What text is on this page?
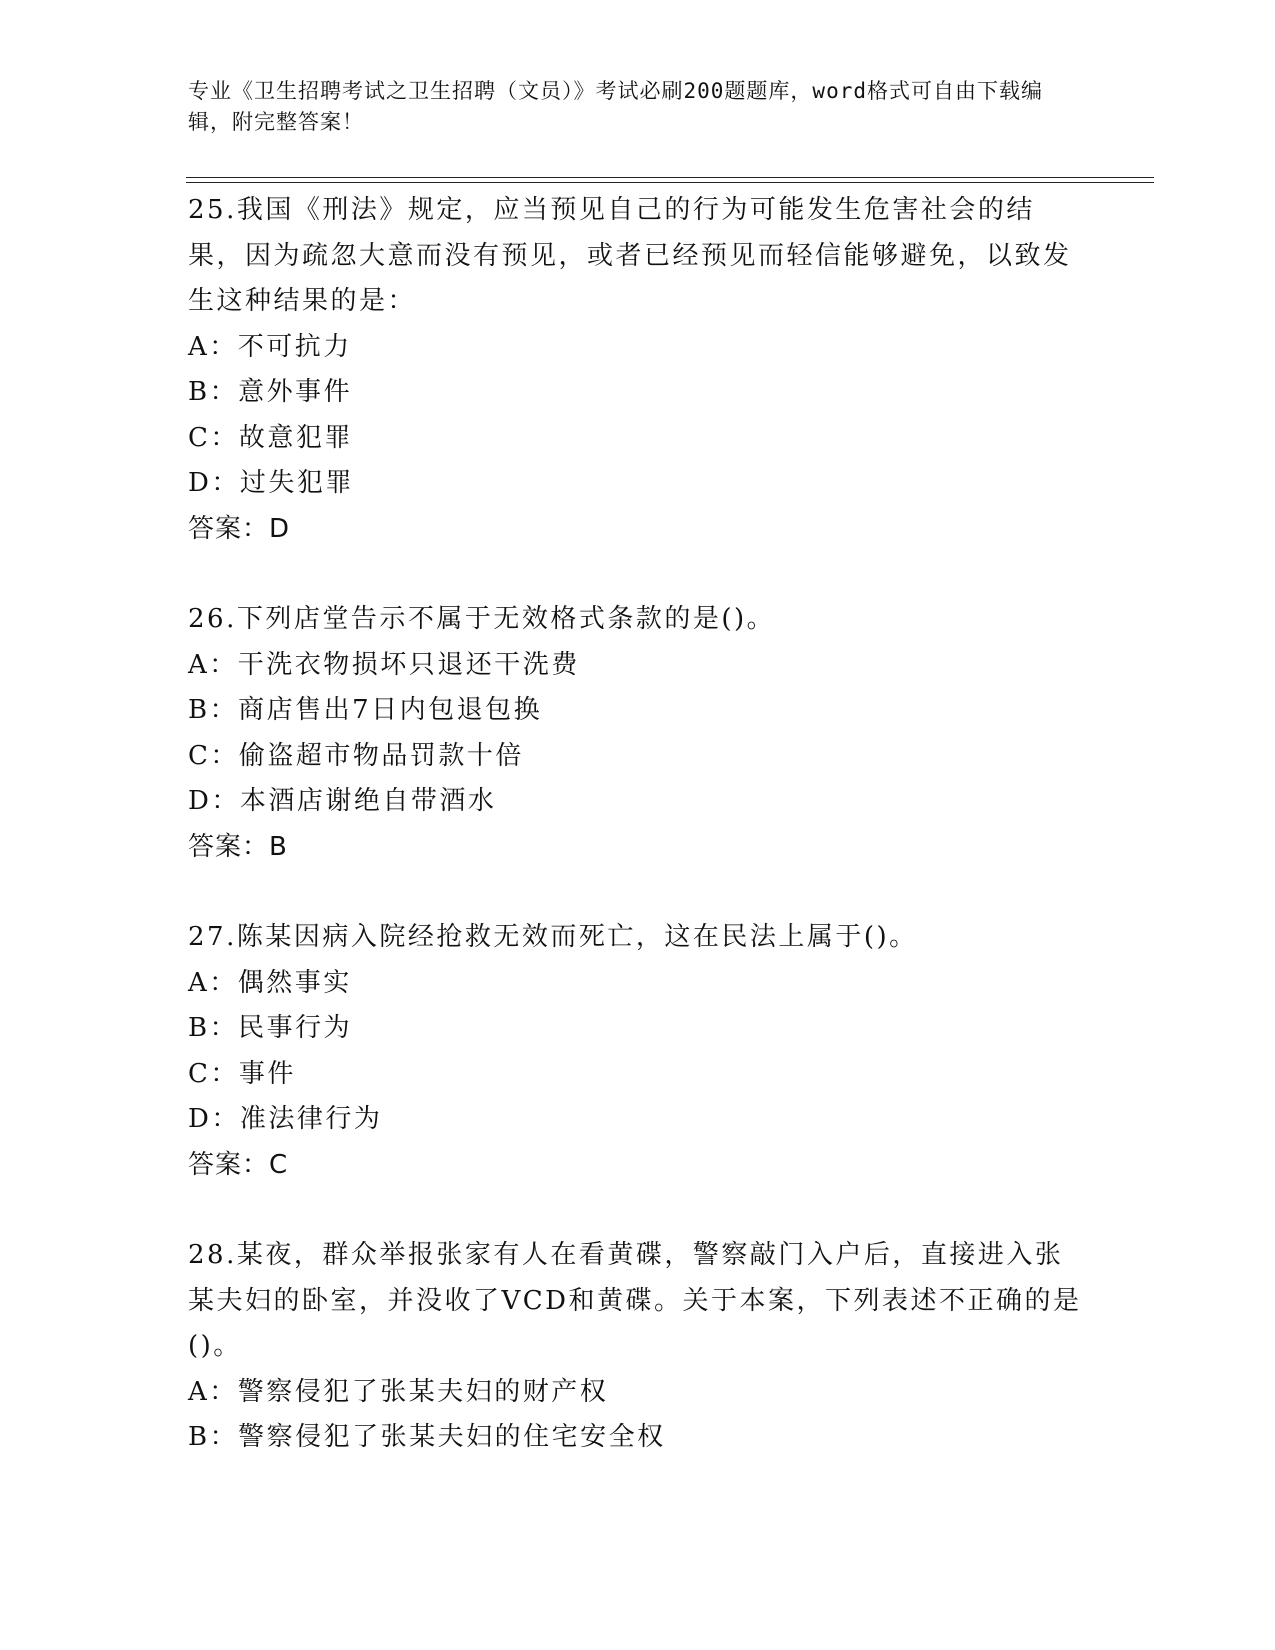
专业《卫生招聘考试之卫生招聘（文员）》考试必刷200题题库，word格式可自由下载编辑，附完整答案！

25.我国《刑法》规定，应当预见自己的行为可能发生危害社会的结果，因为疏忽大意而没有预见，或者已经预见而轻信能够避免，以致发生这种结果的是：

A：不可抗力

B：意外事件

C：故意犯罪

D：过失犯罪

答案：D

26.下列店堂告示不属于无效格式条款的是()。

A：干洗衣物损坏只退还干洗费

B：商店售出7日内包退包换

C：偷盗超市物品罚款十倍

D：本酒店谢绝自带酒水

答案：B

27.陈某因病入院经抢救无效而死亡，这在民法上属于()。

A：偶然事实

B：民事行为

C：事件

D：准法律行为

答案：C

28.某夜，群众举报张家有人在看黄碟，警察敲门入户后，直接进入张某夫妇的卧室，并没收了VCD和黄碟。关于本案，下列表述不正确的是()。

A：警察侵犯了张某夫妇的财产权

B：警察侵犯了张某夫妇的住宅安全权
